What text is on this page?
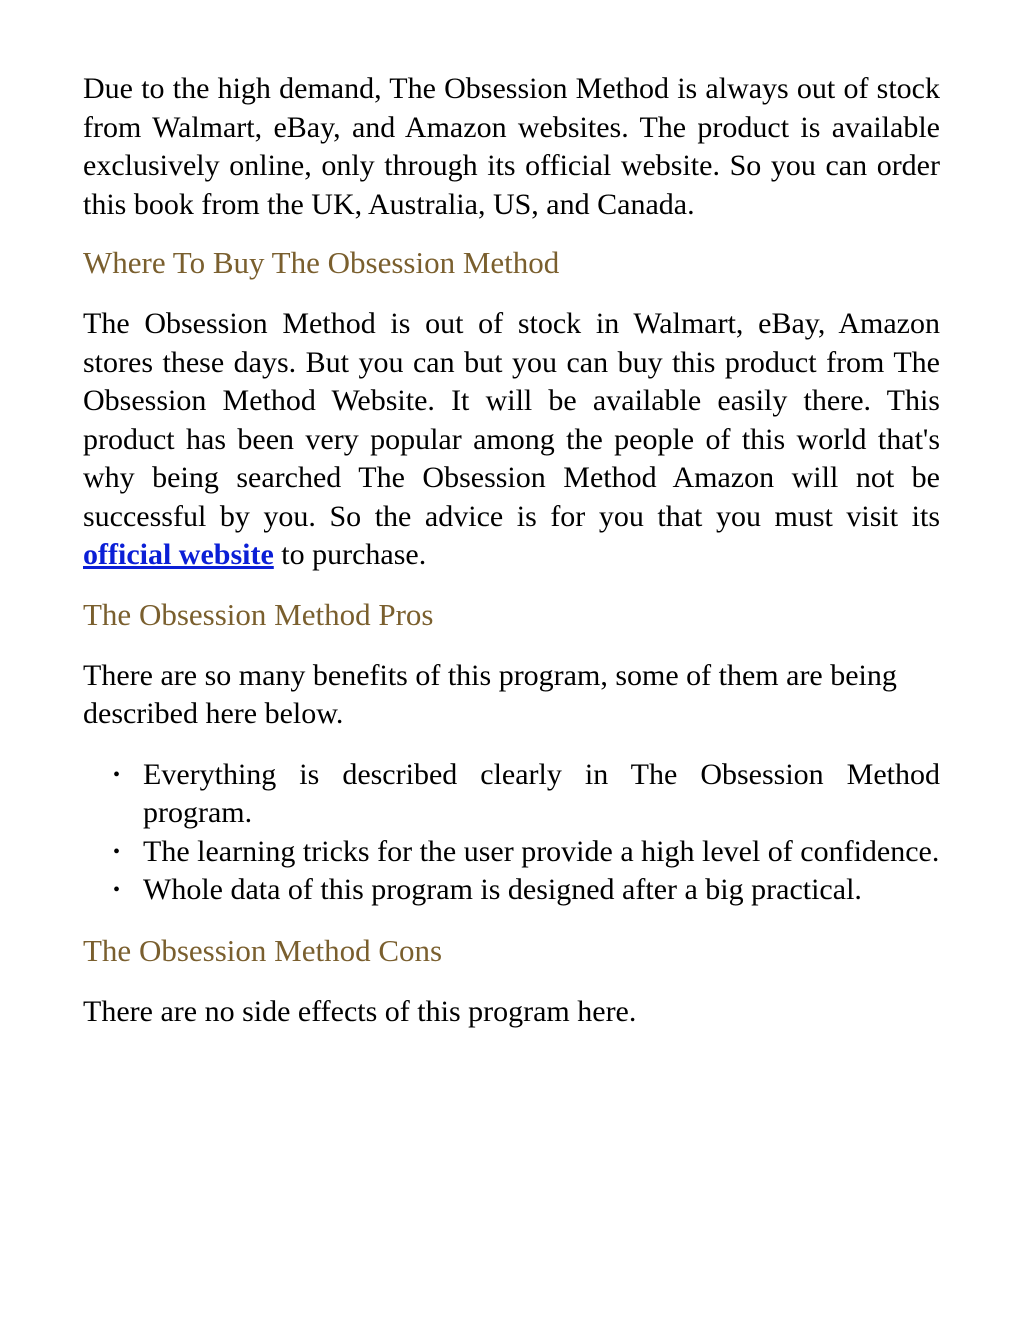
Due to the high demand, The Obsession Method is always out of stock from Walmart, eBay, and Amazon websites. The product is available exclusively online, only through its official website. So you can order this book from the UK, Australia, US, and Canada.

Where To Buy The Obsession Method

The Obsession Method is out of stock in Walmart, eBay, Amazon stores these days. But you can but you can buy this product from The Obsession Method Website. It will be available easily there. This product has been very popular among the people of this world that's why being searched The Obsession Method Amazon will not be successful by you. So the advice is for you that you must visit its official website to purchase.

The Obsession Method Pros

There are so many benefits of this program, some of them are being described here below.

• Everything is described clearly in The Obsession Method program.
• The learning tricks for the user provide a high level of confidence.
• Whole data of this program is designed after a big practical.
The Obsession Method Cons

There are no side effects of this program here.
